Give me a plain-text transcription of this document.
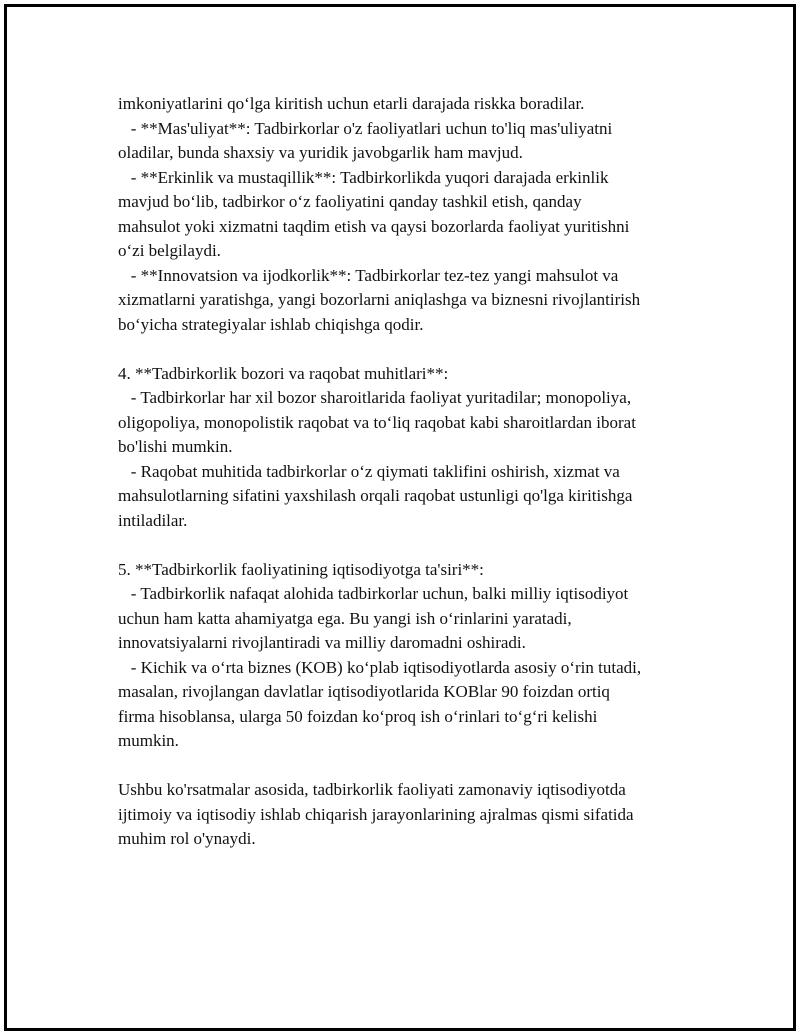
imkoniyatlarini qo‘lga kiritish uchun etarli darajada riskka boradilar.
- **Mas'uliyat**: Tadbirkorlar o'z faoliyatlari uchun to'liq mas'uliyatni
oladilar, bunda shaxsiy va yuridik javobgarlik ham mavjud.
- **Erkinlik va mustaqillik**: Tadbirkorlikda yuqori darajada erkinlik
mavjud bo‘lib, tadbirkor o‘z faoliyatini qanday tashkil etish, qanday
mahsulot yoki xizmatni taqdim etish va qaysi bozorlarda faoliyat yuritishni
o‘zi belgilaydi.
- **Innovatsion va ijodkorlik**: Tadbirkorlar tez-tez yangi mahsulot va
xizmatlarni yaratishga, yangi bozorlarni aniqlashga va biznesni rivojlantirish
bo‘yicha strategiyalar ishlab chiqishga qodir.
4. **Tadbirkorlik bozori va raqobat muhitlari**:
- Tadbirkorlar har xil bozor sharoitlarida faoliyat yuritadilar; monopoliya,
oligopoliya, monopolistik raqobat va to‘liq raqobat kabi sharoitlardan iborat
bo'lishi mumkin.
- Raqobat muhitida tadbirkorlar o‘z qiymati taklifini oshirish, xizmat va
mahsulotlarning sifatini yaxshilash orqali raqobat ustunligi qo'lga kiritishga
intiladilar.
5. **Tadbirkorlik faoliyatining iqtisodiyotga ta'siri**:
- Tadbirkorlik nafaqat alohida tadbirkorlar uchun, balki milliy iqtisodiyot
uchun ham katta ahamiyatga ega. Bu yangi ish o‘rinlarini yaratadi,
innovatsiyalarni rivojlantiradi va milliy daromadni oshiradi.
- Kichik va o‘rta biznes (KOB) ko‘plab iqtisodiyotlarda asosiy o‘rin tutadi,
masalan, rivojlangan davlatlar iqtisodiyotlarida KOBlar 90 foizdan ortiq
firma hisoblansa, ularga 50 foizdan ko‘proq ish o‘rinlari to‘g‘ri kelishi
mumkin.
Ushbu ko'rsatmalar asosida, tadbirkorlik faoliyati zamonaviy iqtisodiyotda
ijtimoiy va iqtisodiy ishlab chiqarish jarayonlarining ajralmas qismi sifatida
muhim rol o'ynaydi.
